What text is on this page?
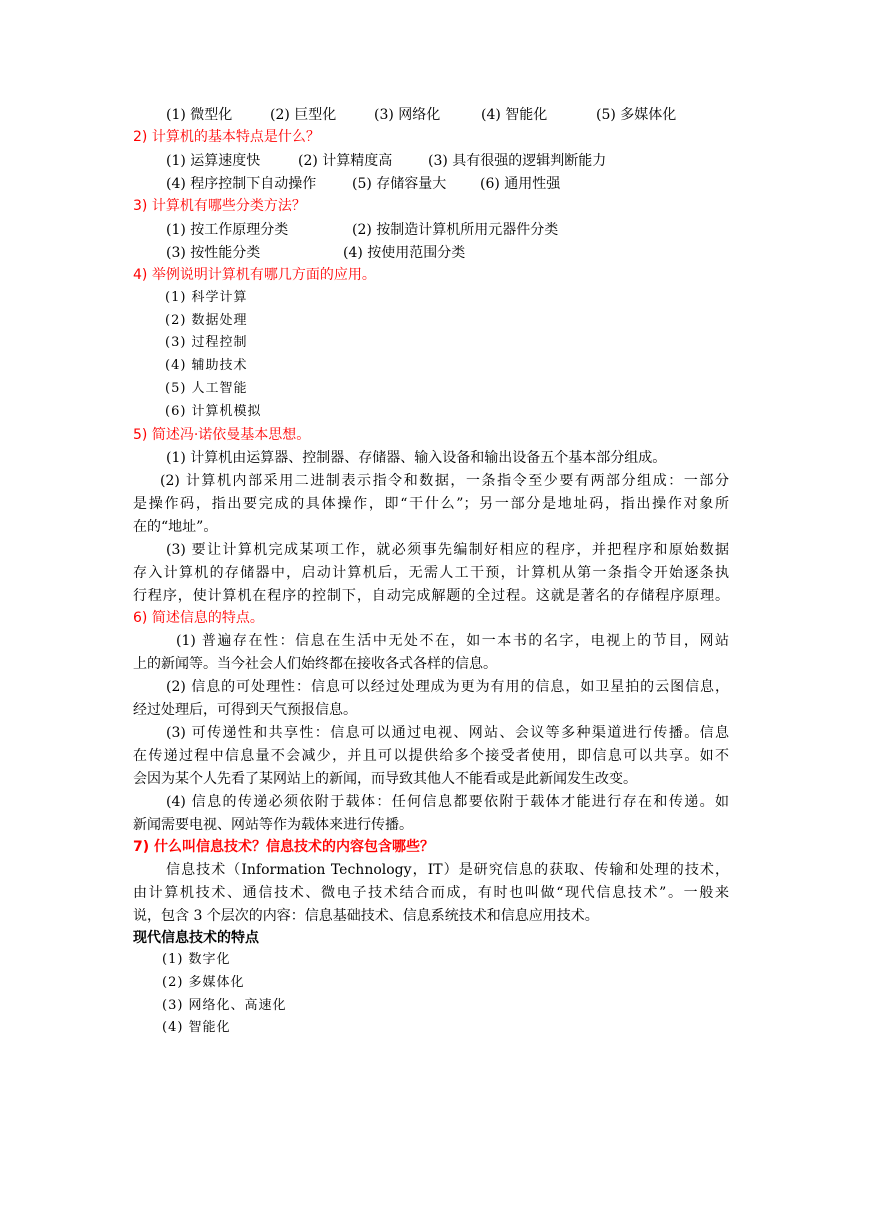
(1) 微型化	(2) 巨型化	(3) 网络化	(4) 智能化	(5) 多媒体化
2) 计算机的基本特点是什么？
(1) 运算速度快	(2) 计算精度高	(3) 具有很强的逻辑判断能力
(4) 程序控制下自动操作	(5) 存储容量大 (6) 通用性强
3) 计算机有哪些分类方法？
(1) 按工作原理分类	(2) 按制造计算机所用元器件分类
(3) 按性能分类	(4) 按使用范围分类
4) 举例说明计算机有哪几方面的应用。
(1) 科学计算
(2) 数据处理
(3) 过程控制
(4) 辅助技术
(5) 人工智能
(6) 计算机模拟
5) 简述冯·诺依曼基本思想。
(1) 计算机由运算器、控制器、存储器、输入设备和输出设备五个基本部分组成。
(2) 计算机内部采用二进制表示指令和数据，一条指令至少要有两部分组成：一部分
是操作码，指出要完成的具体操作，即“干什么”；另一部分是地址码，指出操作对象所
在的“地址”。
(3) 要让计算机完成某项工作，就必须事先编制好相应的程序，并把程序和原始数据
存入计算机的存储器中，启动计算机后，无需人工干预，计算机从第一条指令开始逐条执
行程序，使计算机在程序的控制下，自动完成解题的全过程。这就是著名的存储程序原理。
6) 简述信息的特点。
(1) 普遍存在性：信息在生活中无处不在，如一本书的名字，电视上的节目，网站
上的新闻等。当今社会人们始终都在接收各式各样的信息。
(2) 信息的可处理性：信息可以经过处理成为更为有用的信息，如卫星拍的云图信息，
经过处理后，可得到天气预报信息。
(3) 可传递性和共享性：信息可以通过电视、网站、会议等多种渠道进行传播。信息
在传递过程中信息量不会减少，并且可以提供给多个接受者使用，即信息可以共享。如不
会因为某个人先看了某网站上的新闻，而导致其他人不能看或是此新闻发生改变。
(4) 信息的传递必须依附于载体：任何信息都要依附于载体才能进行存在和传递。如
新闻需要电视、网站等作为载体来进行传播。
7) 什么叫信息技术？信息技术的内容包含哪些？
信息技术（Information Technology，IT）是研究信息的获取、传输和处理的技术，
由计算机技术、通信技术、微电子技术结合而成，有时也叫做“现代信息技术”。一般来
说，包含 3 个层次的内容：信息基础技术、信息系统技术和信息应用技术。
现代信息技术的特点
(1) 数字化
(2) 多媒体化
(3) 网络化、高速化
(4) 智能化
